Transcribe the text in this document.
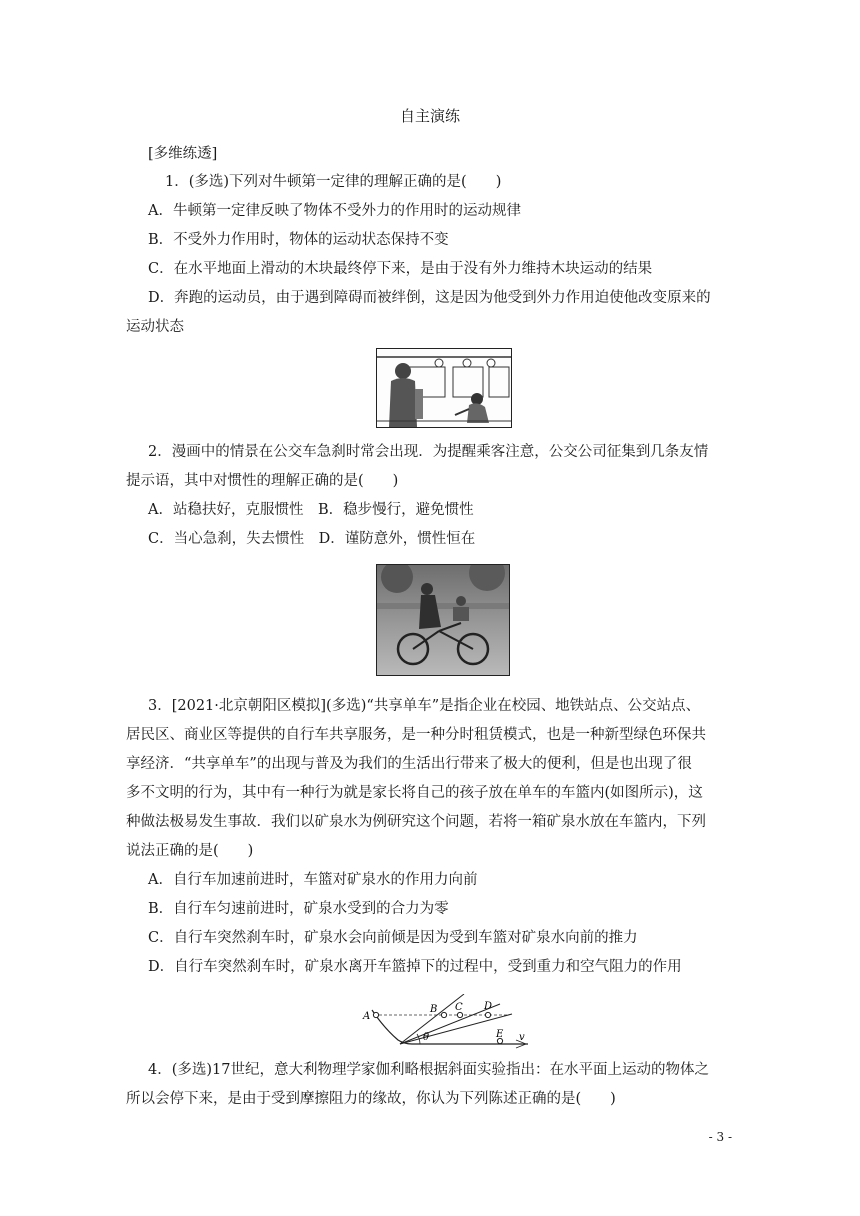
自主演练
[多维练透]
1．(多选)下列对牛顿第一定律的理解正确的是(　　)
A．牛顿第一定律反映了物体不受外力的作用时的运动规律
B．不受外力作用时，物体的运动状态保持不变
C．在水平地面上滑动的木块最终停下来，是由于没有外力维持木块运动的结果
D．奔跑的运动员，由于遇到障碍而被绊倒，这是因为他受到外力作用迫使他改变原来的
运动状态
2．漫画中的情景在公交车急刹时常会出现．为提醒乘客注意，公交公司征集到几条友情
提示语，其中对惯性的理解正确的是(　　)
A．站稳扶好，克服惯性　B．稳步慢行，避免惯性
C．当心急刹，失去惯性　D．谨防意外，惯性恒在
3．[2021·北京朝阳区模拟](多选)“共享单车”是指企业在校园、地铁站点、公交站点、
居民区、商业区等提供的自行车共享服务，是一种分时租赁模式，也是一种新型绿色环保共
享经济．“共享单车”的出现与普及为我们的生活出行带来了极大的便利，但是也出现了很
多不文明的行为，其中有一种行为就是家长将自己的孩子放在单车的车篮内(如图所示)，这
种做法极易发生事故．我们以矿泉水为例研究这个问题，若将一箱矿泉水放在车篮内，下列
说法正确的是(　　)
A．自行车加速前进时，车篮对矿泉水的作用力向前
B．自行车匀速前进时，矿泉水受到的合力为零
C．自行车突然刹车时，矿泉水会向前倾是因为受到车篮对矿泉水向前的推力
D．自行车突然刹车时，矿泉水离开车篮掉下的过程中，受到重力和空气阻力的作用
A
B C D
E v
θ
4．(多选)17世纪，意大利物理学家伽利略根据斜面实验指出：在水平面上运动的物体之
所以会停下来，是由于受到摩擦阻力的缘故，你认为下列陈述正确的是(　　)
- 3 -
